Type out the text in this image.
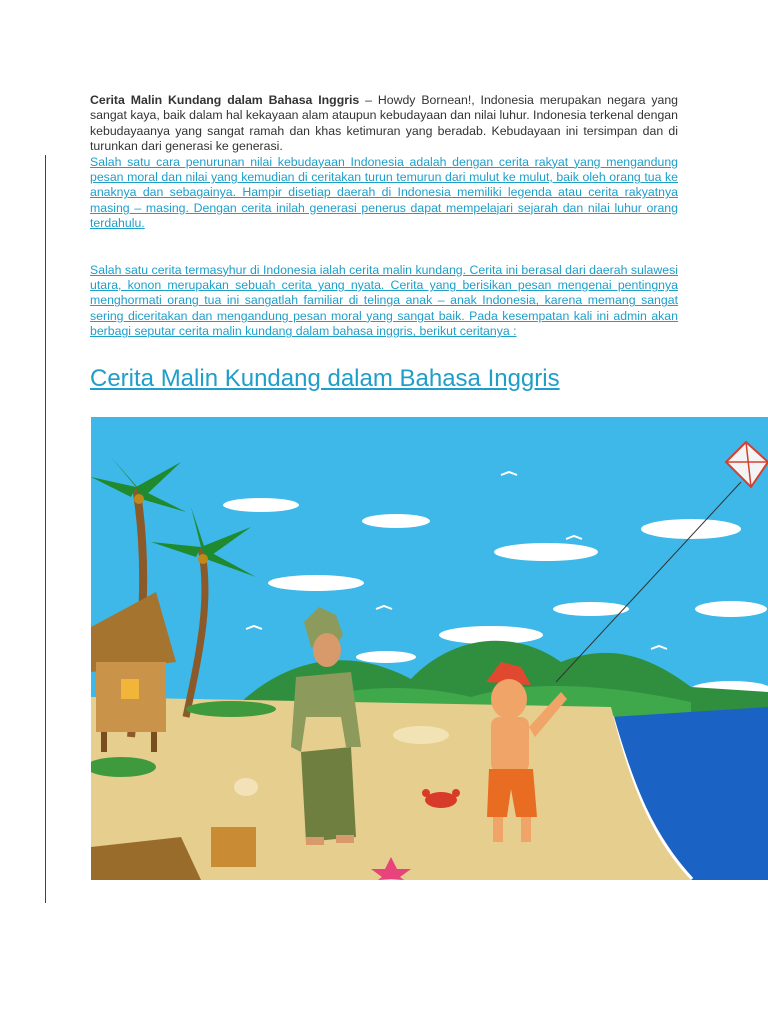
Cerita Malin Kundang dalam Bahasa Inggris – Howdy Bornean!, Indonesia merupakan negara yang sangat kaya, baik dalam hal kekayaan alam ataupun kebudayaan dan nilai luhur. Indonesia terkenal dengan kebudayaanya yang sangat ramah dan khas ketimuran yang beradab. Kebudayaan ini tersimpan dan di turunkan dari generasi ke generasi.

Salah satu cara penurunan nilai kebudayaan Indonesia adalah dengan cerita rakyat yang mengandung pesan moral dan nilai yang kemudian di ceritakan turun temurun dari mulut ke mulut, baik oleh orang tua ke anaknya dan sebagainya. Hampir disetiap daerah di Indonesia memiliki legenda atau cerita rakyatnya masing – masing. Dengan cerita inilah generasi penerus dapat mempelajari sejarah dan nilai luhur orang terdahulu.

Salah satu cerita termasyhur di Indonesia ialah cerita malin kundang. Cerita ini berasal dari daerah sulawesi utara, konon merupakan sebuah cerita yang nyata. Cerita yang berisikan pesan mengenai pentingnya menghormati orang tua ini sangatlah familiar di telinga anak – anak Indonesia, karena memang sangat sering diceritakan dan mengandung pesan moral yang sangat baik. Pada kesempatan kali ini admin akan berbagi seputar cerita malin kundang dalam bahasa inggris, berikut ceritanya :

Cerita Malin Kundang dalam Bahasa Inggris
